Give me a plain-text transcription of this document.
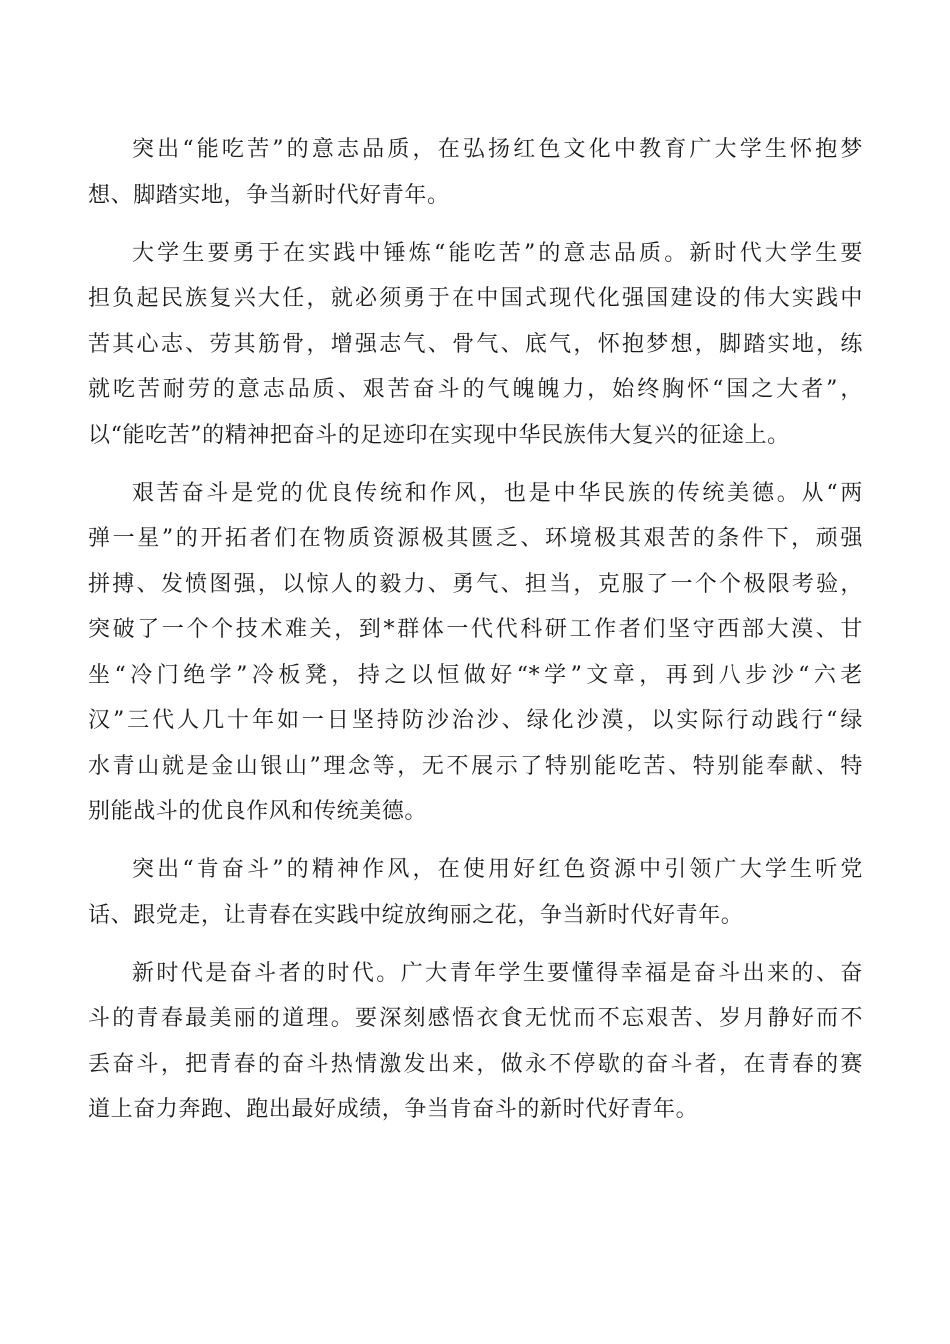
突出“能吃苦”的意志品质，在弘扬红色文化中教育广大学生怀抱梦
想、脚踏实地，争当新时代好青年。
大学生要勇于在实践中锤炼“能吃苦”的意志品质。新时代大学生要
担负起民族复兴大任，就必须勇于在中国式现代化强国建设的伟大实践中
苦其心志、劳其筋骨，增强志气、骨气、底气，怀抱梦想，脚踏实地，练
就吃苦耐劳的意志品质、艰苦奋斗的气魄魄力，始终胸怀“国之大者”，
以“能吃苦”的精神把奋斗的足迹印在实现中华民族伟大复兴的征途上。
艰苦奋斗是党的优良传统和作风，也是中华民族的传统美德。从“两
弹一星”的开拓者们在物质资源极其匮乏、环境极其艰苦的条件下，顽强
拼搏、发愤图强，以惊人的毅力、勇气、担当，克服了一个个极限考验，
突破了一个个技术难关，到*群体一代代科研工作者们坚守西部大漠、甘
坐“冷门绝学”冷板凳，持之以恒做好“*学”文章，再到八步沙“六老
汉”三代人几十年如一日坚持防沙治沙、绿化沙漠，以实际行动践行“绿
水青山就是金山银山”理念等，无不展示了特别能吃苦、特别能奉献、特
别能战斗的优良作风和传统美德。
突出“肯奋斗”的精神作风，在使用好红色资源中引领广大学生听党
话、跟党走，让青春在实践中绽放绚丽之花，争当新时代好青年。
新时代是奋斗者的时代。广大青年学生要懂得幸福是奋斗出来的、奋
斗的青春最美丽的道理。要深刻感悟衣食无忧而不忘艰苦、岁月静好而不
丢奋斗，把青春的奋斗热情激发出来，做永不停歇的奋斗者，在青春的赛
道上奋力奔跑、跑出最好成绩，争当肯奋斗的新时代好青年。
